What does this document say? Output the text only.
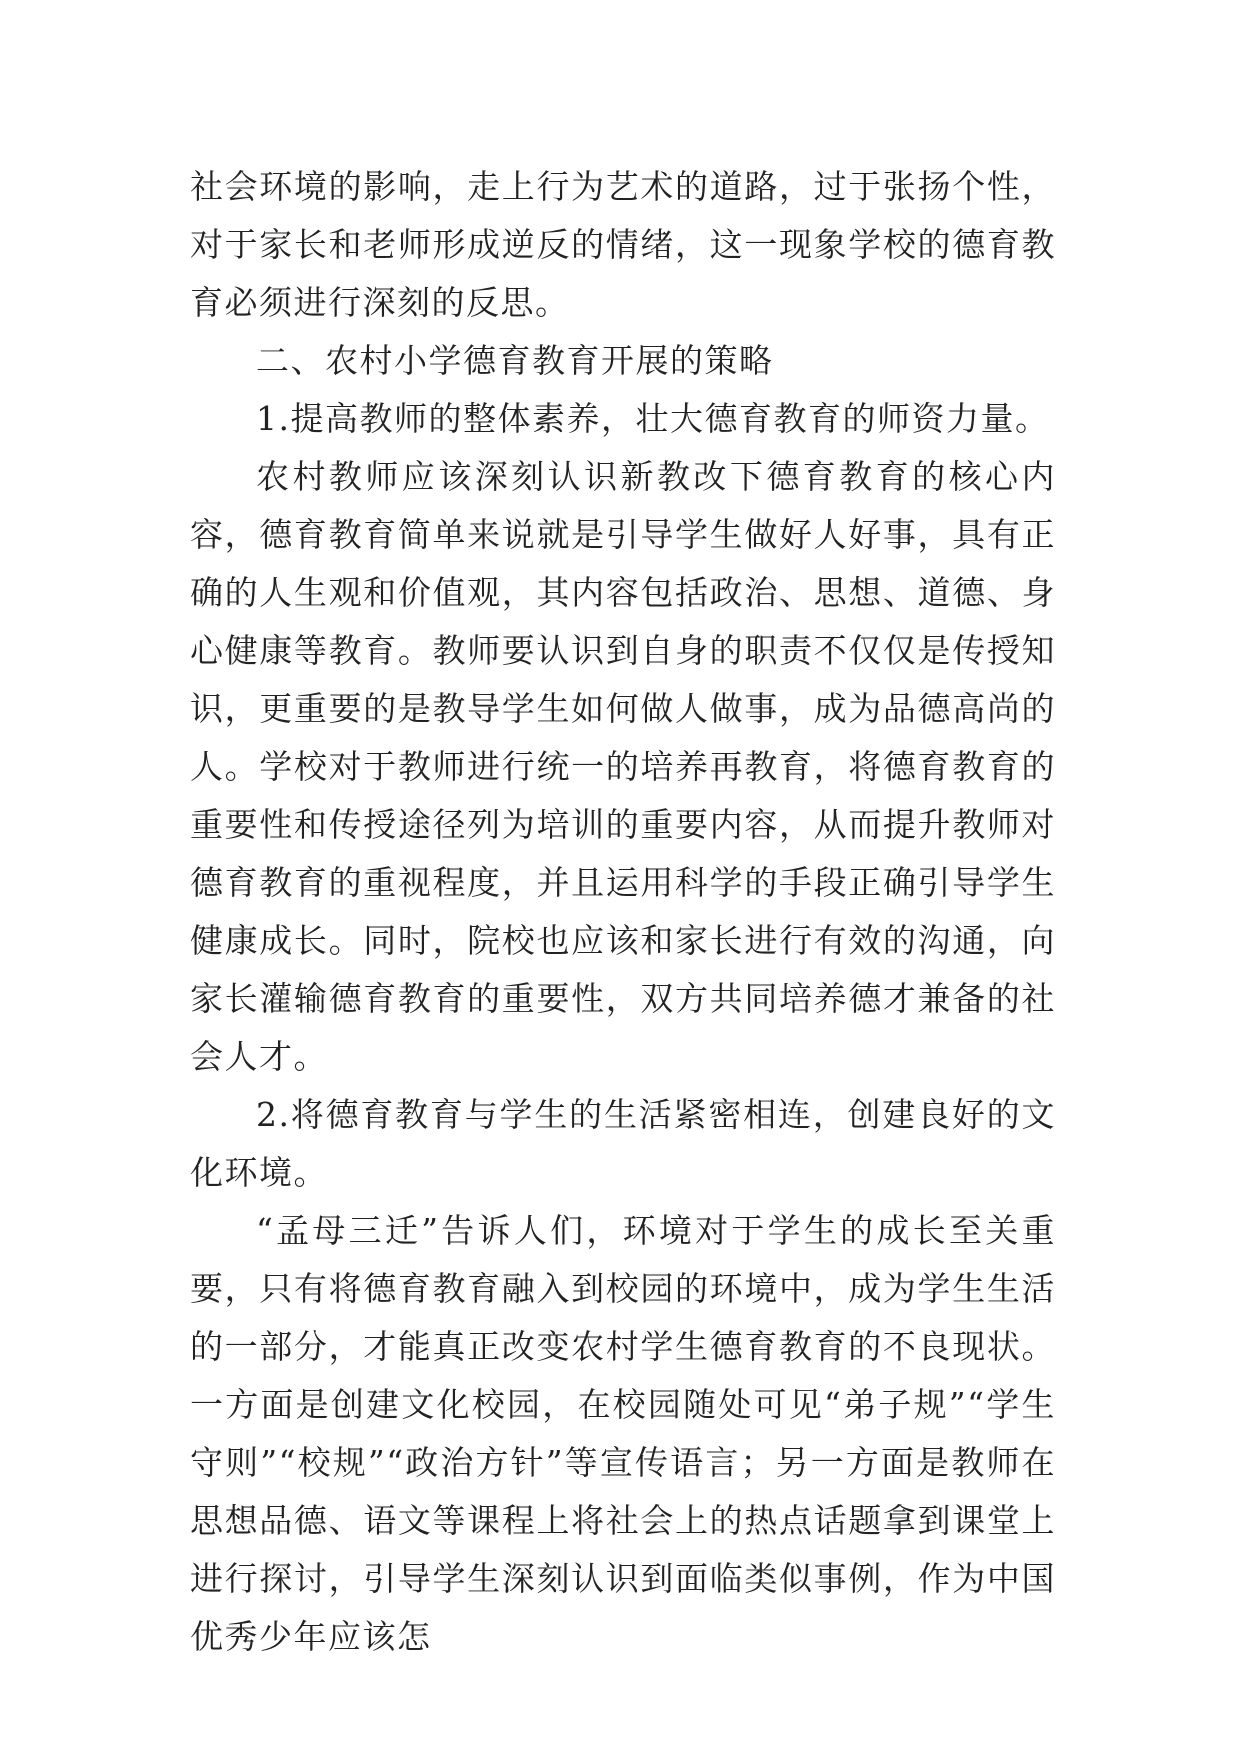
社会环境的影响，走上行为艺术的道路，过于张扬个性，对于家长和老师形成逆反的情绪，这一现象学校的德育教育必须进行深刻的反思。

二、农村小学德育教育开展的策略

1.提高教师的整体素养，壮大德育教育的师资力量。

农村教师应该深刻认识新教改下德育教育的核心内容，德育教育简单来说就是引导学生做好人好事，具有正确的人生观和价值观，其内容包括政治、思想、道德、身心健康等教育。教师要认识到自身的职责不仅仅是传授知识，更重要的是教导学生如何做人做事，成为品德高尚的人。学校对于教师进行统一的培养再教育，将德育教育的重要性和传授途径列为培训的重要内容，从而提升教师对德育教育的重视程度，并且运用科学的手段正确引导学生健康成长。同时，院校也应该和家长进行有效的沟通，向家长灌输德育教育的重要性，双方共同培养德才兼备的社会人才。

2.将德育教育与学生的生活紧密相连，创建良好的文化环境。

“孟母三迁”告诉人们，环境对于学生的成长至关重要，只有将德育教育融入到校园的环境中，成为学生生活的一部分，才能真正改变农村学生德育教育的不良现状。一方面是创建文化校园，在校园随处可见“弟子规”“学生守则”“校规”“政治方针”等宣传语言；另一方面是教师在思想品德、语文等课程上将社会上的热点话题拿到课堂上进行探讨，引导学生深刻认识到面临类似事例，作为中国优秀少年应该怎
